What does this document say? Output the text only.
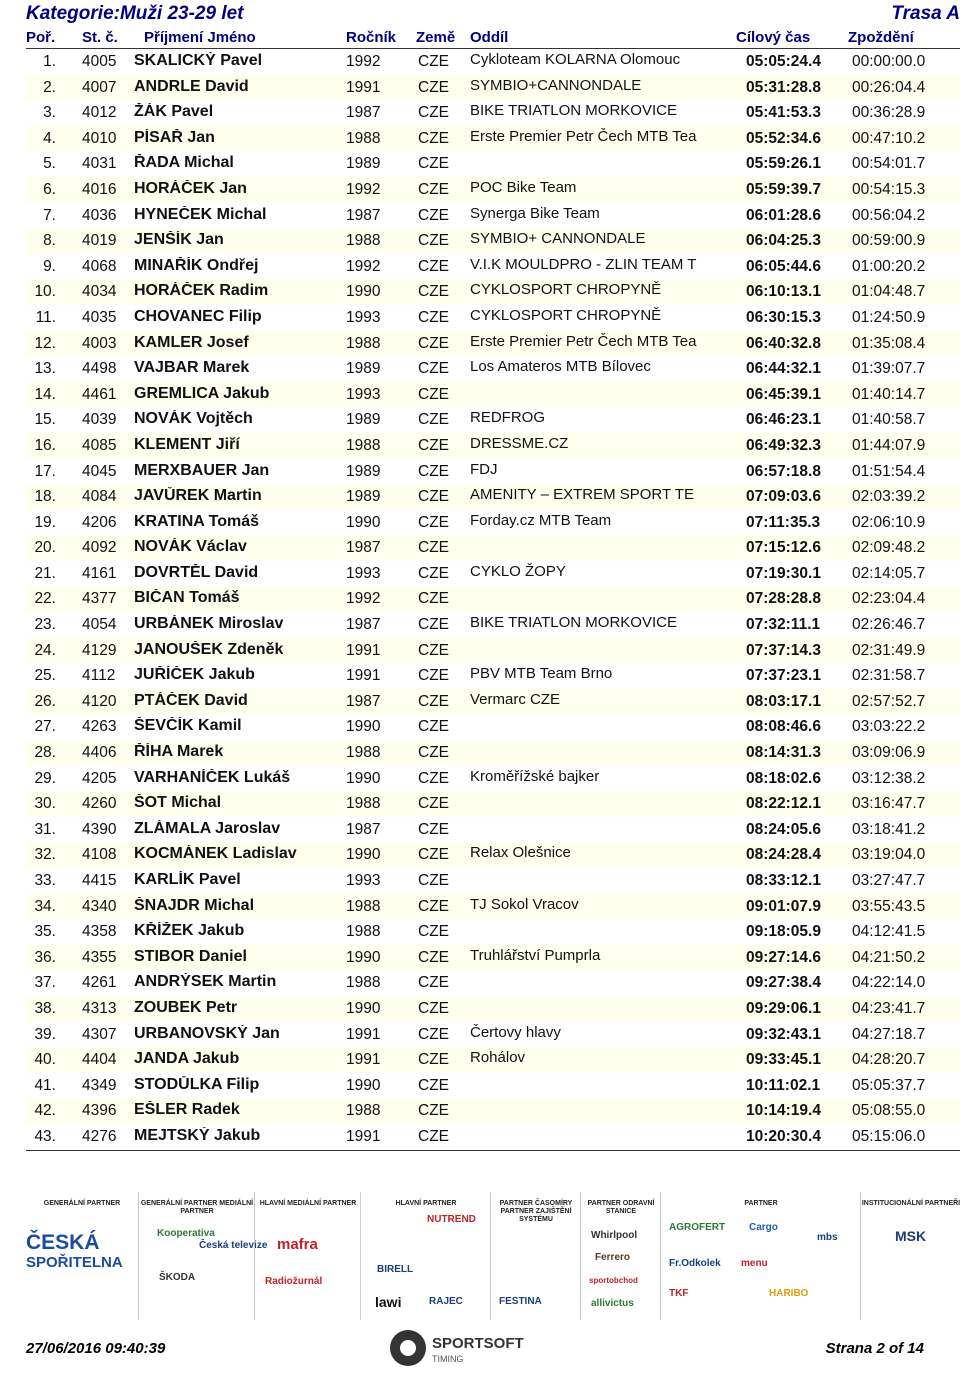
Kategorie:Muži 23-29 let	Trasa A
Poř. St. č. Příjmení Jméno	Ročník Země Oddíl	Cílový čas	Zpoždění
1. 4005 SKALICKÝ Pavel	1992 CZE Cykloteam KOLARNA Olomouc	05:05:24.4 00:00:00.0
2. 4007 ANDRLE David	1991 CZE SYMBIO+CANNONDALE	05:31:28.8 00:26:04.4
3. 4012 ŽÁK Pavel	1987 CZE BIKE TRIATLON MORKOVICE	05:41:53.3 00:36:28.9
4. 4010 PÍSAŘ Jan	1988 CZE Erste Premier Petr Čech MTB Tea	05:52:34.6 00:47:10.2
5. 4031 ŘADA Michal	1989 CZE	05:59:26.1 00:54:01.7
6. 4016 HORÁČEK Jan	1992 CZE POC Bike Team	05:59:39.7 00:54:15.3
7. 4036 HYNEČEK Michal	1987 CZE Synerga Bike Team	06:01:28.6 00:56:04.2
8. 4019 JENŠÍK Jan	1988 CZE SYMBIO+ CANNONDALE	06:04:25.3 00:59:00.9
9. 4068 MINAŘÍK Ondřej	1992 CZE V.I.K MOULDPRO - ZLIN TEAM T	06:05:44.6 01:00:20.2
10. 4034 HORÁČEK Radim	1990 CZE CYKLOSPORT CHROPYNĚ	06:10:13.1 01:04:48.7
11. 4035 CHOVANEC Filip	1993 CZE CYKLOSPORT CHROPYNĚ	06:30:15.3 01:24:50.9
12. 4003 KAMLER Josef	1988 CZE Erste Premier Petr Čech MTB Tea	06:40:32.8 01:35:08.4
13. 4498 VAJBAR Marek	1989 CZE Los Amateros MTB Bílovec	06:44:32.1 01:39:07.7
14. 4461 GREMLICA Jakub	1993 CZE	06:45:39.1 01:40:14.7
15. 4039 NOVÁK Vojtěch	1989 CZE REDFROG	06:46:23.1 01:40:58.7
16. 4085 KLEMENT Jiří	1988 CZE DRESSME.CZ	06:49:32.3 01:44:07.9
17. 4045 MERXBAUER Jan	1989 CZE FDJ	06:57:18.8 01:51:54.4
18. 4084 JAVŮREK Martin	1989 CZE AMENITY – EXTREM SPORT TE	07:09:03.6 02:03:39.2
19. 4206 KRATINA Tomáš	1990 CZE Forday.cz MTB Team	07:11:35.3 02:06:10.9
20. 4092 NOVÁK Václav	1987 CZE	07:15:12.6 02:09:48.2
21. 4161 DOVRTĚL David	1993 CZE CYKLO ŽOPY	07:19:30.1 02:14:05.7
22. 4377 BIČAN Tomáš	1992 CZE	07:28:28.8 02:23:04.4
23. 4054 URBÁNEK Miroslav	1987 CZE BIKE TRIATLON MORKOVICE	07:32:11.1 02:26:46.7
24. 4129 JANOUŠEK Zdeněk	1991 CZE	07:37:14.3 02:31:49.9
25. 4112 JUŘÍČEK Jakub	1991 CZE PBV MTB Team Brno	07:37:23.1 02:31:58.7
26. 4120 PTÁČEK David	1987 CZE Vermarc CZE	08:03:17.1 02:57:52.7
27. 4263 ŠEVČÍK Kamil	1990 CZE	08:08:46.6 03:03:22.2
28. 4406 ŘÍHA Marek	1988 CZE	08:14:31.3 03:09:06.9
29. 4205 VARHANÍČEK Lukáš	1990 CZE Kroměřížské bajker	08:18:02.6 03:12:38.2
30. 4260 ŠOT Michal	1988 CZE	08:22:12.1 03:16:47.7
31. 4390 ZLÁMALA Jaroslav	1987 CZE	08:24:05.6 03:18:41.2
32. 4108 KOCMÁNEK Ladislav	1990 CZE Relax Olešnice	08:24:28.4 03:19:04.0
33. 4415 KARLÍK Pavel	1993 CZE	08:33:12.1 03:27:47.7
34. 4340 ŠNAJDR Michal	1988 CZE TJ Sokol Vracov	09:01:07.9 03:55:43.5
35. 4358 KŘÍŽEK Jakub	1988 CZE	09:18:05.9 04:12:41.5
36. 4355 STIBOR Daniel	1990 CZE Truhlářství Pumprla	09:27:14.6 04:21:50.2
37. 4261 ANDRÝSEK Martin	1988 CZE	09:27:38.4 04:22:14.0
38. 4313 ZOUBEK Petr	1990 CZE	09:29:06.1 04:23:41.7
39. 4307 URBANOVSKÝ Jan	1991 CZE Čertovy hlavy	09:32:43.1 04:27:18.7
40. 4404 JANDA Jakub	1991 CZE Rohálov	09:33:45.1 04:28:20.7
41. 4349 STODŮLKA Filip	1990 CZE	10:11:02.1 05:05:37.7
42. 4396 EŠLER Radek	1988 CZE	10:14:19.4 05:08:55.0
43. 4276 MEJTSKÝ Jakub	1991 CZE	10:20:30.4 05:15:06.0
GENERÁLNÍ PARTNER
ČESKÁ
SPOŘITELNA
GENERÁLNÍ PARTNER MEDIÁLNÍ PARTNER
Kooperativa
Česká televize
ŠKODA
HLAVNÍ MEDIÁLNÍ PARTNER
mafra
Radiožurnál
HLAVNÍ PARTNER
BIRELL
NUTREND
lawi	RAJEC
PARTNER ČASOMÍRY PARTNER ZAJIŠTĚNÍ SYSTÉMU
FESTINA
PARTNER ODRAVNÍ STANICE
Whirlpool
Ferrero
sportobchod
allivictus
PARTNER
AGROFERT Cargo
Fr.Odkolek menu
TKF	HARIBO
mbs
INSTITUCIONÁLNÍ PARTNEŘI
MSK
SPORTSOFT
TIMING
27/06/2016 09:40:39	Strana 2 of 14
